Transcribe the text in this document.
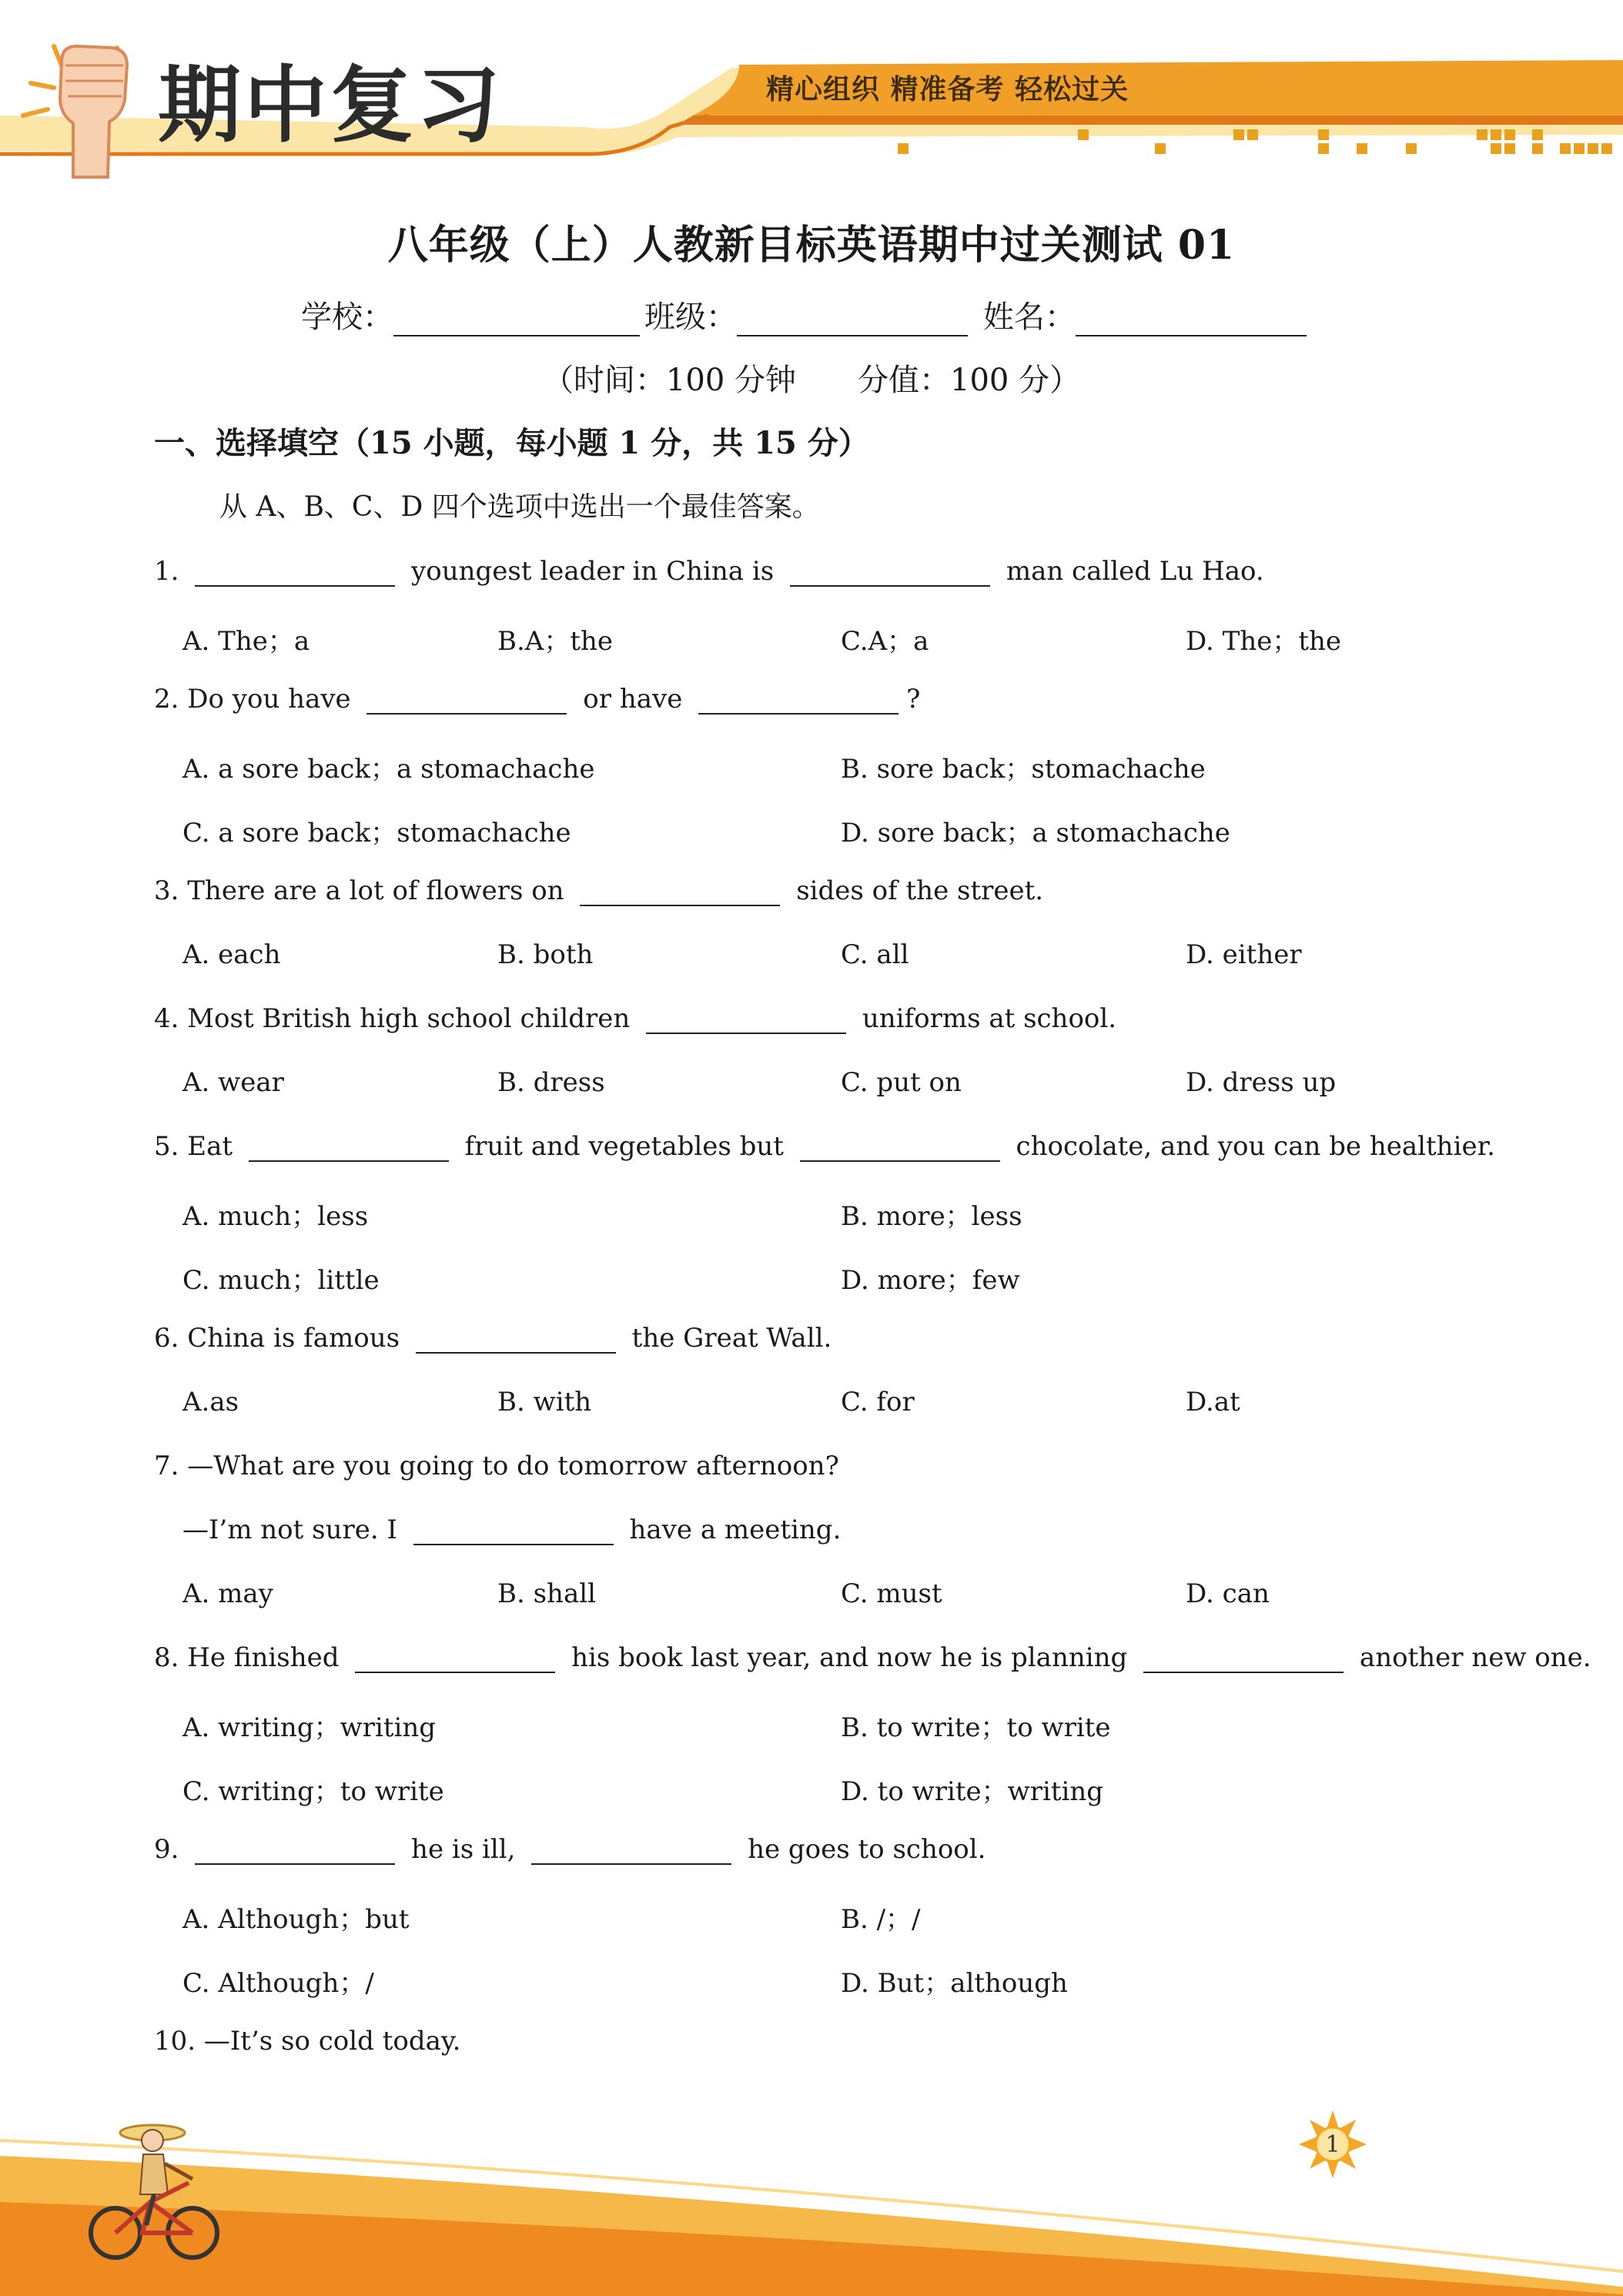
期中复习	精心组织 精准备考 轻松过关
八年级（上）人教新目标英语期中过关测试 01
学校：	班级：	姓名：
（时间：100 分钟 分值：100 分）
一、选择填空（15 小题，每小题 1 分，共 15 分）
从 A、B、C、D 四个选项中选出一个最佳答案。
1.	youngest leader in China is	man called Lu Hao.
A. The；a	B.A；the	C.A；a	D. The；the
2. Do you have	or have	?
A. a sore back；a stomachache	B. sore back；stomachache
C. a sore back；stomachache	D. sore back；a stomachache
3. There are a lot of flowers on	sides of the street.
A. each	B. both	C. all	D. either
4. Most British high school children	uniforms at school.
A. wear	B. dress	C. put on	D. dress up
5. Eat	fruit and vegetables but	chocolate, and you can be healthier.
A. much；less	B. more；less
C. much；little	D. more；few
6. China is famous	the Great Wall.
A.as	B. with	C. for	D.at
7. —What are you going to do tomorrow afternoon?
—I’m not sure. I	have a meeting.
A. may	B. shall	C. must	D. can
8. He finished	his book last year, and now he is planning	another new one.
A. writing；writing	B. to write；to write
C. writing；to write	D. to write；writing
9.	he is ill,	he goes to school.
A. Although；but	B. /；/
C. Although；/	D. But；although
10. —It’s so cold today.
1
